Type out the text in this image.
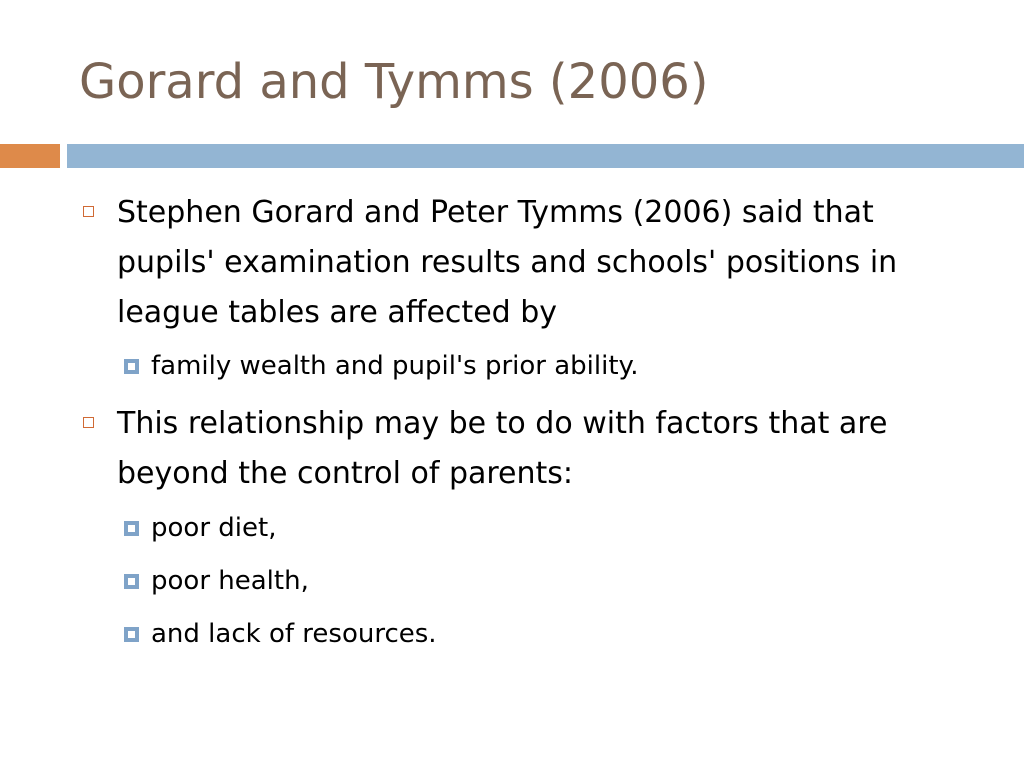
Gorard and Tymms (2006)

Stephen Gorard and Peter Tymms (2006) said that pupils' examination results and schools' positions in league tables are affected by

family wealth and pupil's prior ability.

This relationship may be to do with factors that are beyond the control of parents:

poor diet,

poor health,

and lack of resources.
